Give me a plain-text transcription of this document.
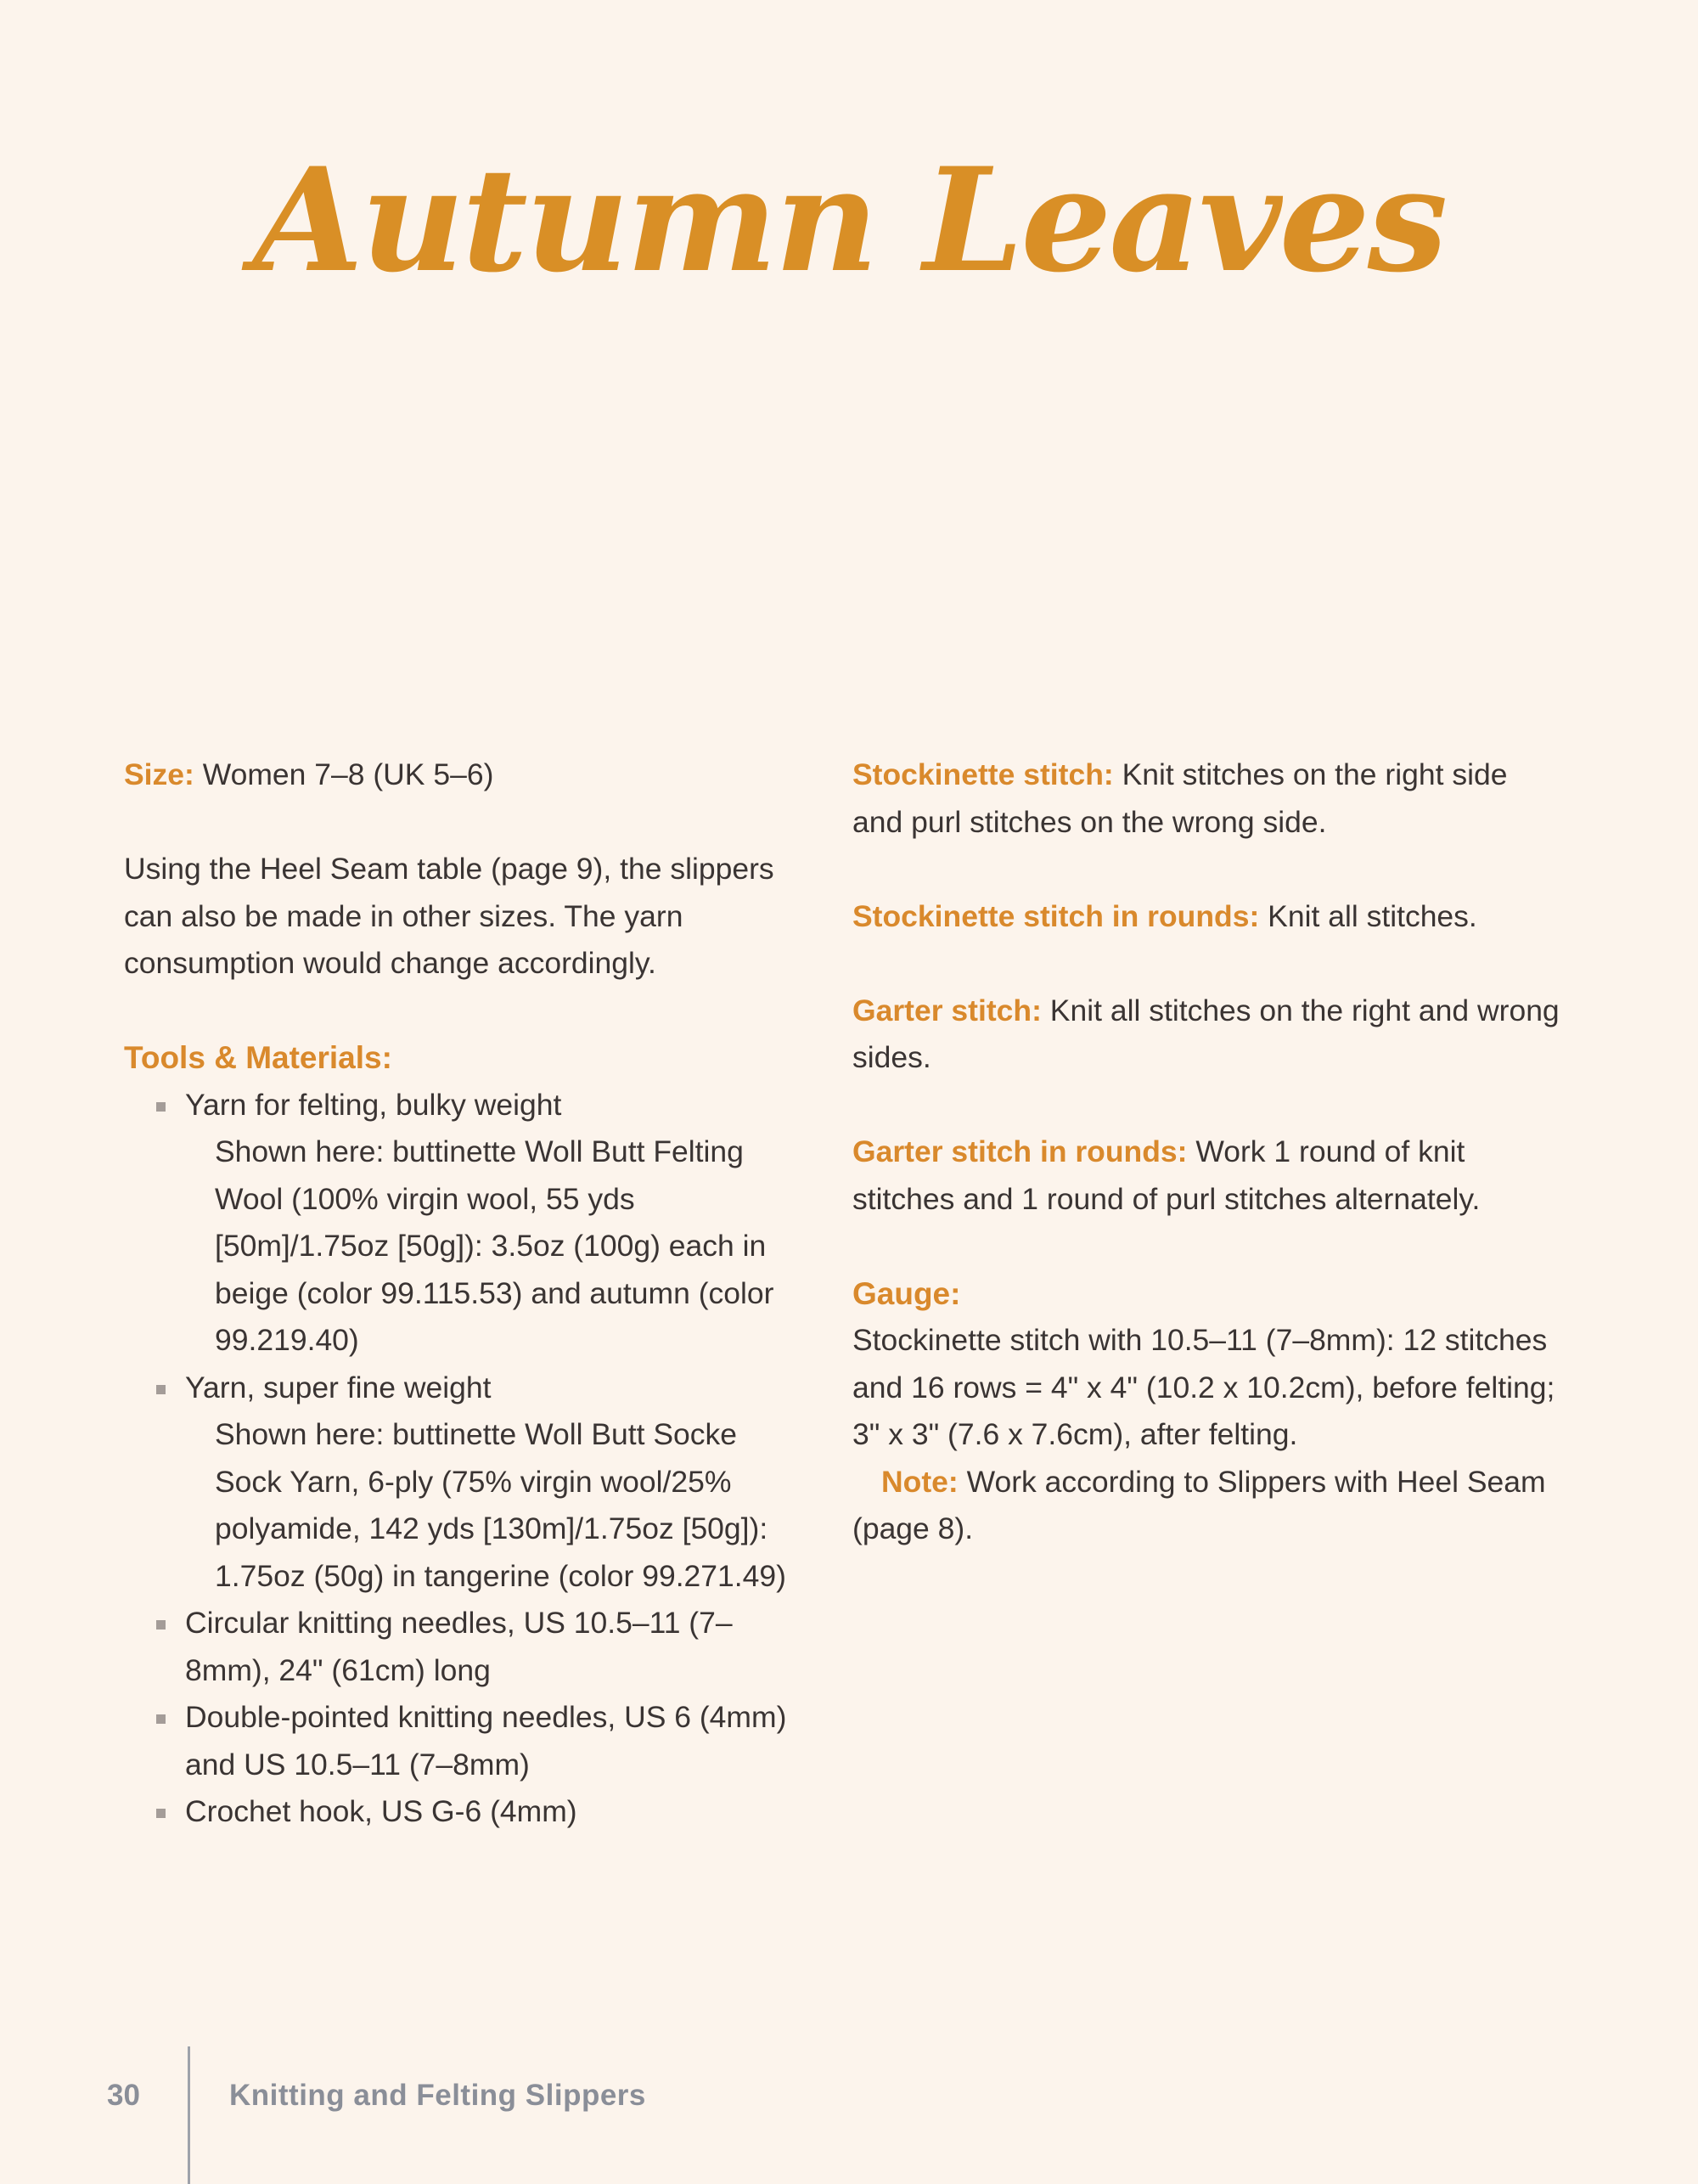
Autumn Leaves

Size: Women 7–8 (UK 5–6)

Using the Heel Seam table (page 9), the slippers can also be made in other sizes. The yarn consumption would change accordingly.

Tools & Materials:
Yarn for felting, bulky weight
Shown here: buttinette Woll Butt Felting Wool (100% virgin wool, 55 yds [50m]/1.75oz [50g]): 3.5oz (100g) each in beige (color 99.115.53) and autumn (color 99.219.40)
Yarn, super fine weight
Shown here: buttinette Woll Butt Socke Sock Yarn, 6-ply (75% virgin wool/25% polyamide, 142 yds [130m]/1.75oz [50g]): 1.75oz (50g) in tangerine (color 99.271.49)
Circular knitting needles, US 10.5–11 (7–8mm), 24" (61cm) long
Double-pointed knitting needles, US 6 (4mm) and US 10.5–11 (7–8mm)
Crochet hook, US G-6 (4mm)

Stockinette stitch: Knit stitches on the right side and purl stitches on the wrong side.

Stockinette stitch in rounds: Knit all stitches.

Garter stitch: Knit all stitches on the right and wrong sides.

Garter stitch in rounds: Work 1 round of knit stitches and 1 round of purl stitches alternately.

Gauge:
Stockinette stitch with 10.5–11 (7–8mm): 12 stitches and 16 rows = 4" x 4" (10.2 x 10.2cm), before felting; 3" x 3" (7.6 x 7.6cm), after felting.
Note: Work according to Slippers with Heel Seam (page 8).
30	Knitting and Felting Slippers
